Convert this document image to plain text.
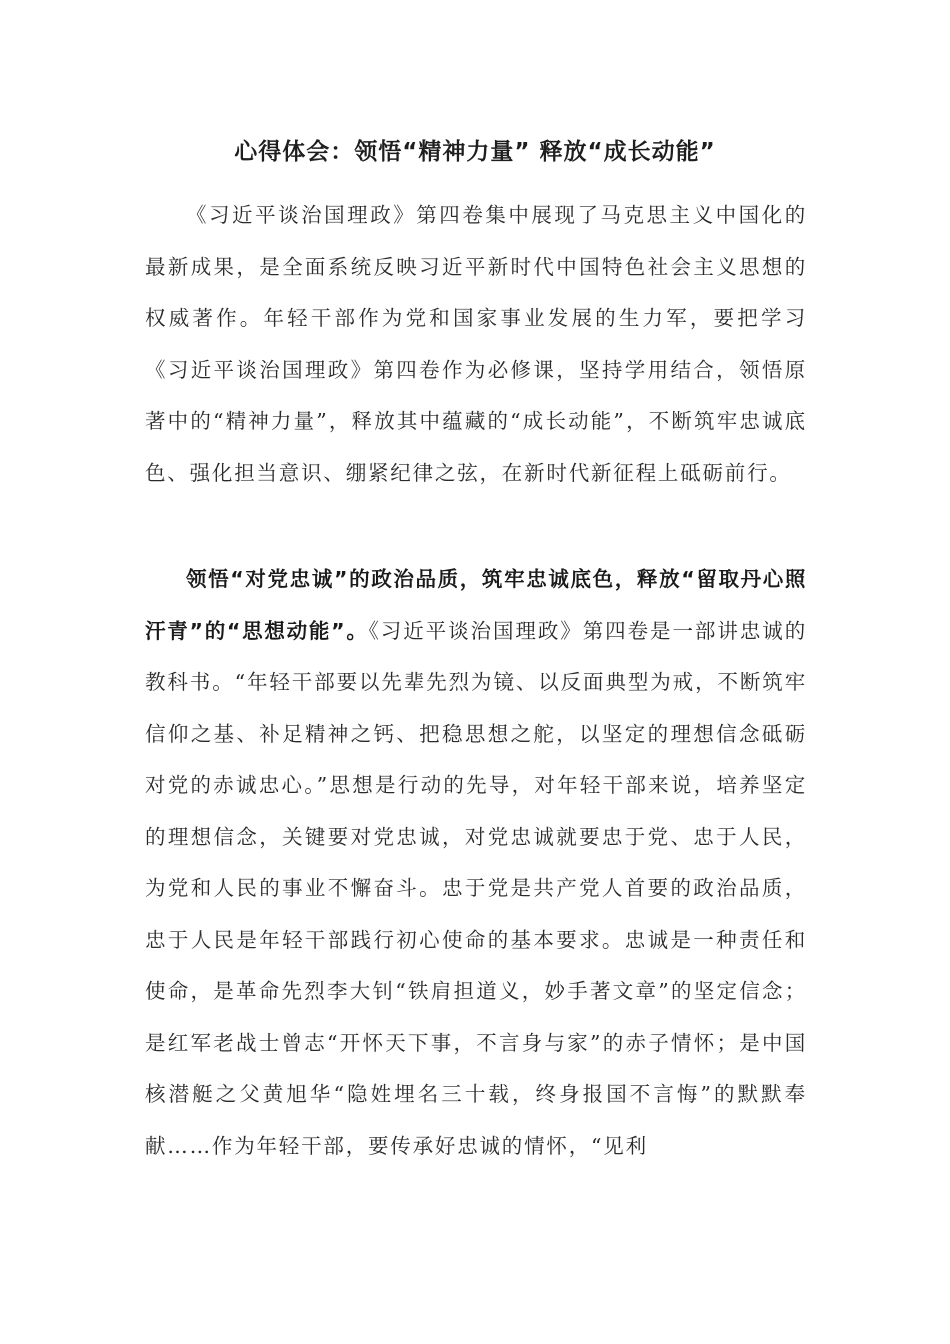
心得体会：领悟“精神力量” 释放“成长动能”

《习近平谈治国理政》第四卷集中展现了马克思主义中国化的最新成果，是全面系统反映习近平新时代中国特色社会主义思想的权威著作。年轻干部作为党和国家事业发展的生力军，要把学习《习近平谈治国理政》第四卷作为必修课，坚持学用结合，领悟原著中的“精神力量”，释放其中蕴藏的“成长动能”，不断筑牢忠诚底色、强化担当意识、绷紧纪律之弦，在新时代新征程上砥砺前行。

领悟“对党忠诚”的政治品质，筑牢忠诚底色，释放“留取丹心照汗青”的“思想动能”。《习近平谈治国理政》第四卷是一部讲忠诚的教科书。“年轻干部要以先辈先烈为镜、以反面典型为戒，不断筑牢信仰之基、补足精神之钙、把稳思想之舵，以坚定的理想信念砥砺对党的赤诚忠心。”思想是行动的先导，对年轻干部来说，培养坚定的理想信念，关键要对党忠诚，对党忠诚就要忠于党、忠于人民，为党和人民的事业不懈奋斗。忠于党是共产党人首要的政治品质，忠于人民是年轻干部践行初心使命的基本要求。忠诚是一种责任和使命，是革命先烈李大钊“铁肩担道义，妙手著文章”的坚定信念；是红军老战士曾志“开怀天下事，不言身与家”的赤子情怀；是中国核潜艇之父黄旭华“隐姓埋名三十载，终身报国不言悔”的默默奉献……作为年轻干部，要传承好忠诚的情怀，“见利
